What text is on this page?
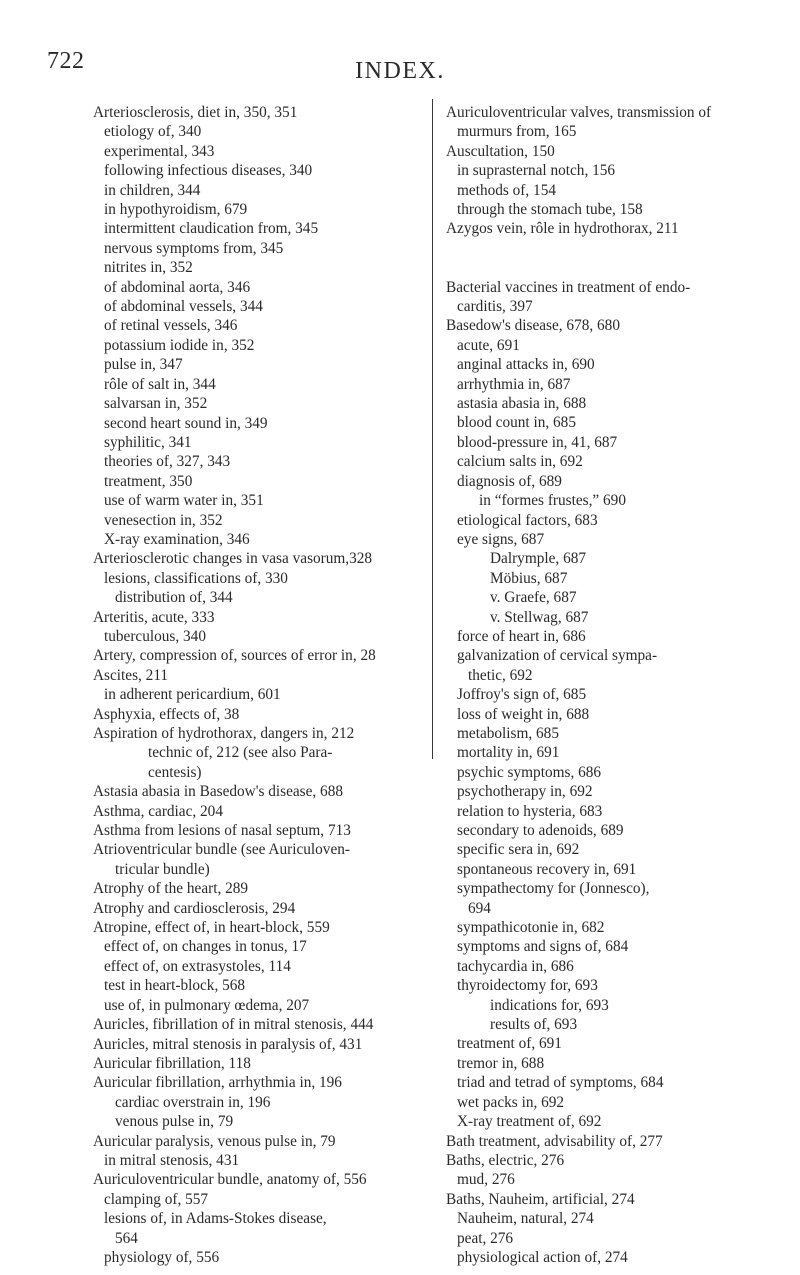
722	INDEX.
Arteriosclerosis, diet in, 350, 351
etiology of, 340
experimental, 343
following infectious diseases, 340
in children, 344
in hypothyroidism, 679
intermittent claudication from, 345
nervous symptoms from, 345
nitrites in, 352
of abdominal aorta, 346
of abdominal vessels, 344
of retinal vessels, 346
potassium iodide in, 352
pulse in, 347
rôle of salt in, 344
salvarsan in, 352
second heart sound in, 349
syphilitic, 341
theories of, 327, 343
treatment, 350
use of warm water in, 351
venesection in, 352
X-ray examination, 346
Arteriosclerotic changes in vasa vasorum,328
lesions, classifications of, 330
distribution of, 344
Arteritis, acute, 333
tuberculous, 340
Artery, compression of, sources of error in, 28
Ascites, 211
in adherent pericardium, 601
Asphyxia, effects of, 38
Aspiration of hydrothorax, dangers in, 212
technic of, 212 (see also Para-
centesis)
Astasia abasia in Basedow's disease, 688
Asthma, cardiac, 204
Asthma from lesions of nasal septum, 713
Atrioventricular bundle (see Auriculoven-
tricular bundle)
Atrophy of the heart, 289
Atrophy and cardiosclerosis, 294
Atropine, effect of, in heart-block, 559
effect of, on changes in tonus, 17
effect of, on extrasystoles, 114
test in heart-block, 568
use of, in pulmonary œdema, 207
Auricles, fibrillation of in mitral stenosis, 444
Auricles, mitral stenosis in paralysis of, 431
Auricular fibrillation, 118
Auricular fibrillation, arrhythmia in, 196
cardiac overstrain in, 196
venous pulse in, 79
Auricular paralysis, venous pulse in, 79
in mitral stenosis, 431
Auriculoventricular bundle, anatomy of, 556
clamping of, 557
lesions of, in Adams-Stokes disease,
564
physiology of, 556
Auriculoventricular valves, transmission of
murmurs from, 165
Auscultation, 150
in suprasternal notch, 156
methods of, 154
through the stomach tube, 158
Azygos vein, rôle in hydrothorax, 211
Bacterial vaccines in treatment of endo-
carditis, 397
Basedow's disease, 678, 680
acute, 691
anginal attacks in, 690
arrhythmia in, 687
astasia abasia in, 688
blood count in, 685
blood-pressure in, 41, 687
calcium salts in, 692
diagnosis of, 689
in “formes frustes,” 690
etiological factors, 683
eye signs, 687
Dalrymple, 687
Möbius, 687
v. Graefe, 687
v. Stellwag, 687
force of heart in, 686
galvanization of cervical sympa-
thetic, 692
Joffroy's sign of, 685
loss of weight in, 688
metabolism, 685
mortality in, 691
psychic symptoms, 686
psychotherapy in, 692
relation to hysteria, 683
secondary to adenoids, 689
specific sera in, 692
spontaneous recovery in, 691
sympathectomy for (Jonnesco),
694
sympathicotonie in, 682
symptoms and signs of, 684
tachycardia in, 686
thyroidectomy for, 693
indications for, 693
results of, 693
treatment of, 691
tremor in, 688
triad and tetrad of symptoms, 684
wet packs in, 692
X-ray treatment of, 692
Bath treatment, advisability of, 277
Baths, electric, 276
mud, 276
Baths, Nauheim, artificial, 274
Nauheim, natural, 274
peat, 276
physiological action of, 274
